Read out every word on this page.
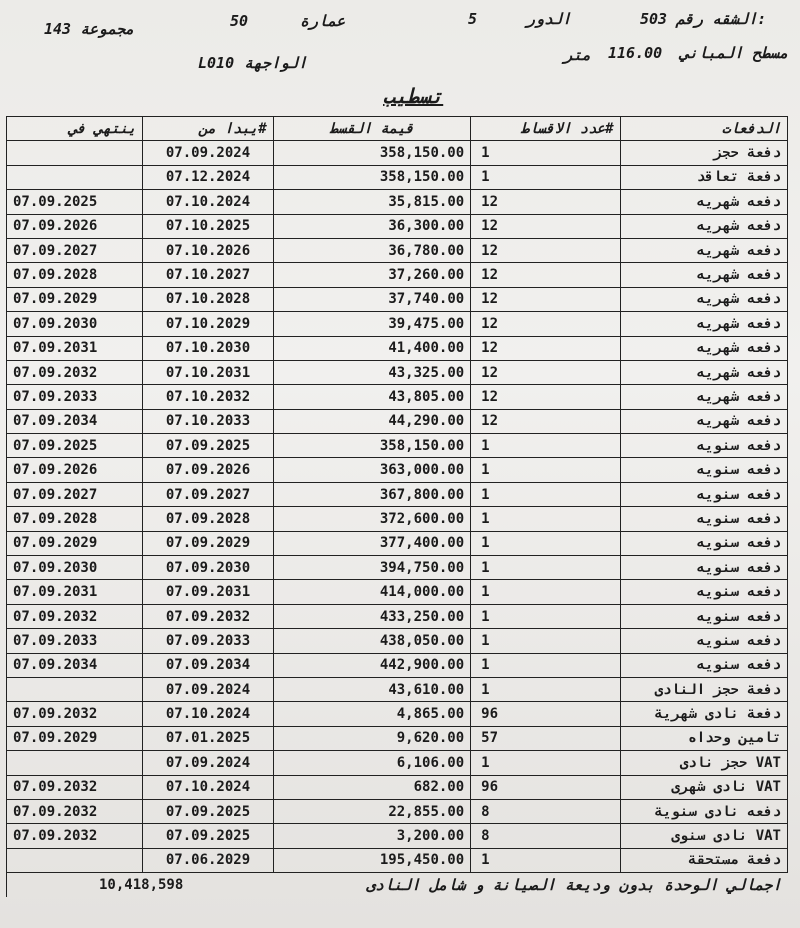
الشقه رقم:
503
الدور
5
عمارة
50
مجموعة 143
مسطح المباني
116.00
متر
الواجهة
L010
تسطيب
ينتهي في	#يبدا من	قيمة القسط	#عدد الاقساط	الدفعات
	07.09.2024	358,150.00	1	دفعة حجز
	07.12.2024	358,150.00	1	دفعة تعاقد
07.09.2025	07.10.2024	35,815.00	12	دفعه شهريه
07.09.2026	07.10.2025	36,300.00	12	دفعه شهريه
07.09.2027	07.10.2026	36,780.00	12	دفعه شهريه
07.09.2028	07.10.2027	37,260.00	12	دفعه شهريه
07.09.2029	07.10.2028	37,740.00	12	دفعه شهريه
07.09.2030	07.10.2029	39,475.00	12	دفعه شهريه
07.09.2031	07.10.2030	41,400.00	12	دفعه شهريه
07.09.2032	07.10.2031	43,325.00	12	دفعه شهريه
07.09.2033	07.10.2032	43,805.00	12	دفعه شهريه
07.09.2034	07.10.2033	44,290.00	12	دفعه شهريه
07.09.2025	07.09.2025	358,150.00	1	دفعه سنويه
07.09.2026	07.09.2026	363,000.00	1	دفعه سنويه
07.09.2027	07.09.2027	367,800.00	1	دفعه سنويه
07.09.2028	07.09.2028	372,600.00	1	دفعه سنويه
07.09.2029	07.09.2029	377,400.00	1	دفعه سنويه
07.09.2030	07.09.2030	394,750.00	1	دفعه سنويه
07.09.2031	07.09.2031	414,000.00	1	دفعه سنويه
07.09.2032	07.09.2032	433,250.00	1	دفعه سنويه
07.09.2033	07.09.2033	438,050.00	1	دفعه سنويه
07.09.2034	07.09.2034	442,900.00	1	دفعه سنويه
	07.09.2024	43,610.00	1	دفعة حجز النادى
07.09.2032	07.10.2024	4,865.00	96	دفعة نادى شهرية
07.09.2029	07.01.2025	9,620.00	57	تامين وحداه
	07.09.2024	6,106.00	1	VAT حجز نادى
07.09.2032	07.10.2024	682.00	96	VAT نادى شهرى
07.09.2032	07.09.2025	22,855.00	8	دفعه نادى سنوية
07.09.2032	07.09.2025	3,200.00	8	VAT نادى سنوى
	07.06.2029	195,450.00	1	دفعة مستحقة
10,418,598	اجمالي الوحدة بدون وديعة الصيانة و شامل النادى			
